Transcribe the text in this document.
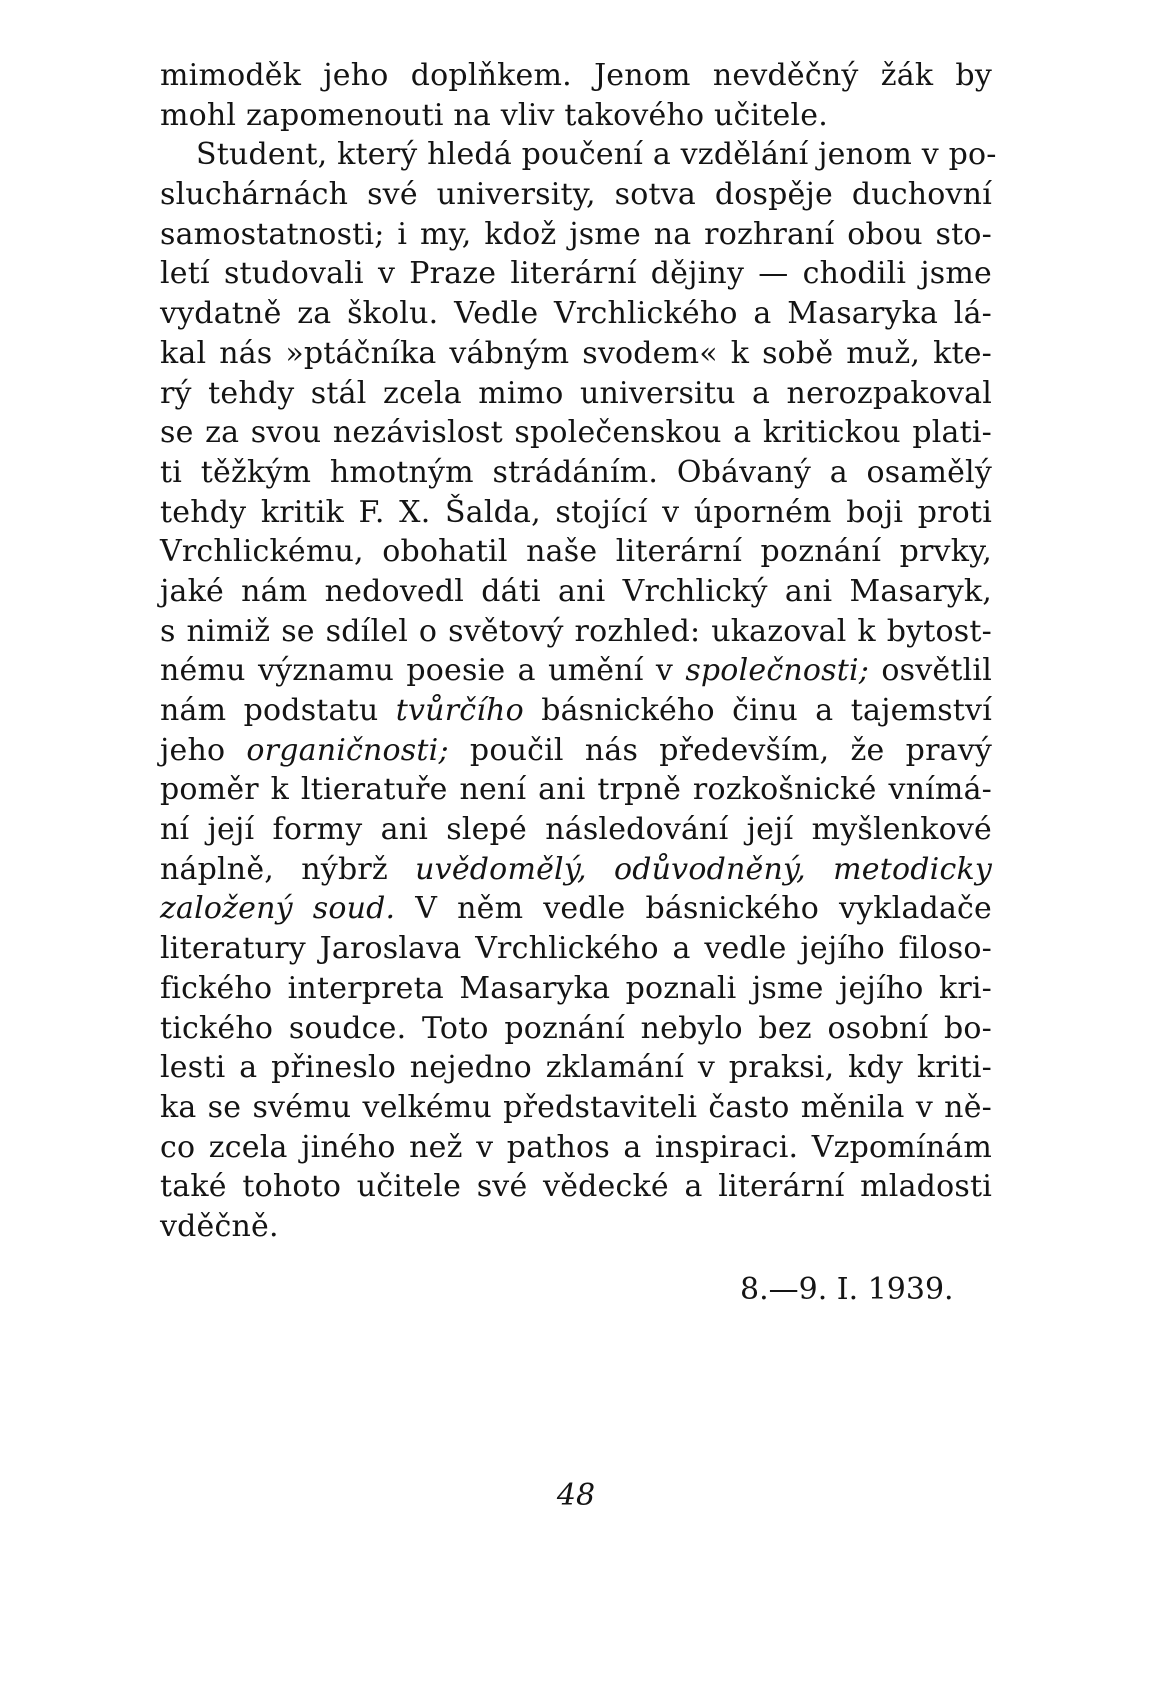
mimoděk jeho doplňkem. Jenom nevděčný žák by
mohl zapomenouti na vliv takového učitele.
Student, který hledá poučení a vzdělání jenom v po-
sluchárnách své university, sotva dospěje duchovní
samostatnosti; i my, kdož jsme na rozhraní obou sto-
letí studovali v Praze literární dějiny — chodili jsme
vydatně za školu. Vedle Vrchlického a Masaryka lá-
kal nás »ptáčníka vábným svodem« k sobě muž, kte-
rý tehdy stál zcela mimo universitu a nerozpakoval
se za svou nezávislost společenskou a kritickou plati-
ti těžkým hmotným strádáním. Obávaný a osamělý
tehdy kritik F. X. Šalda, stojící v úporném boji proti
Vrchlickému, obohatil naše literární poznání prvky,
jaké nám nedovedl dáti ani Vrchlický ani Masaryk,
s nimiž se sdílel o světový rozhled: ukazoval k bytost-
nému významu poesie a umění v společnosti; osvětlil
nám podstatu tvůrčího básnického činu a tajemství
jeho organičnosti; poučil nás především, že pravý
poměr k ltieratuře není ani trpně rozkošnické vnímá-
ní její formy ani slepé následování její myšlenkové
náplně, nýbrž uvědomělý, odůvodněný, metodicky
založený soud. V něm vedle básnického vykladače
literatury Jaroslava Vrchlického a vedle jejího filoso-
fického interpreta Masaryka poznali jsme jejího kri-
tického soudce. Toto poznání nebylo bez osobní bo-
lesti a přineslo nejedno zklamání v praksi, kdy kriti-
ka se svému velkému představiteli často měnila v ně-
co zcela jiného než v pathos a inspiraci. Vzpomínám
také tohoto učitele své vědecké a literární mladosti
vděčně.
8.—9. I. 1939.
48
